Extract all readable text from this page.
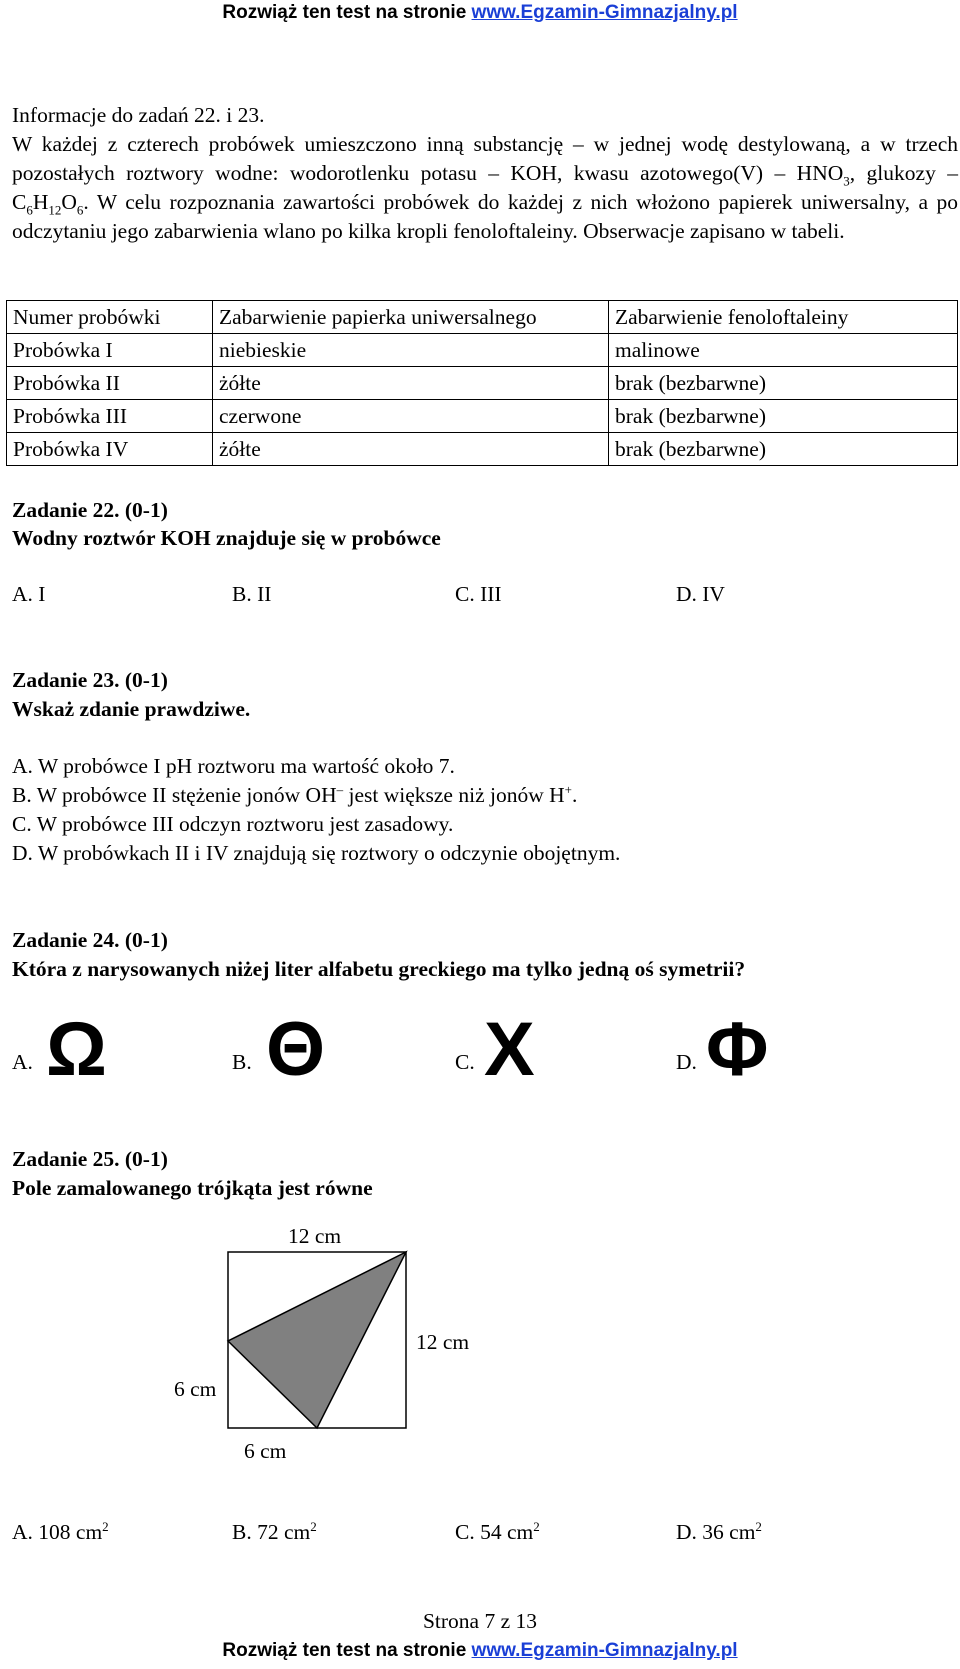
Rozwiąż ten test na stronie www.Egzamin-Gimnazjalny.pl
Informacje do zadań 22. i 23.
W każdej z czterech probówek umieszczono inną substancję – w jednej wodę destylowaną, a w trzech pozostałych roztwory wodne: wodorotlenku potasu – KOH, kwasu azotowego(V) – $HNO_3$, glukozy – $C_6H_{12}O_6$. W celu rozpoznania zawartości probówek do każdej z nich włożono papierek uniwersalny, a po odczytaniu jego zabarwienia wlano po kilka kropli fenoloftaleiny. Obserwacje zapisano w tabeli.
Numer probówki	Zabarwienie papierka uniwersalnego	Zabarwienie fenoloftaleiny
Probówka I	niebieskie	malinowe
Probówka II	żółte	brak (bezbarwne)
Probówka III	czerwone	brak (bezbarwne)
Probówka IV	żółte	brak (bezbarwne)
Zadanie 22. (0-1)
Wodny roztwór KOH znajduje się w probówce
A. I	B. II	C. III	D. IV
Zadanie 23. (0-1)
Wskaż zdanie prawdziwe.
A. W probówce I pH roztworu ma wartość około 7.
B. W probówce II stężenie jonów OH– jest większe niż jonów H+.
C. W probówce III odczyn roztworu jest zasadowy.
D. W probówkach II i IV znajdują się roztwory o odczynie obojętnym.
Zadanie 24. (0-1)
Która z narysowanych niżej liter alfabetu greckiego ma tylko jedną oś symetrii?
A. Ω	B. Θ	C. X	D. Φ
Zadanie 25. (0-1)
Pole zamalowanego trójkąta jest równe
12 cm
12 cm
6 cm
6 cm
A. 108 $cm^2$	B. 72 $cm^2$	C. 54 $cm^2$	D. 36 $cm^2$
Strona 7 z 13
Rozwiąż ten test na stronie www.Egzamin-Gimnazjalny.pl
